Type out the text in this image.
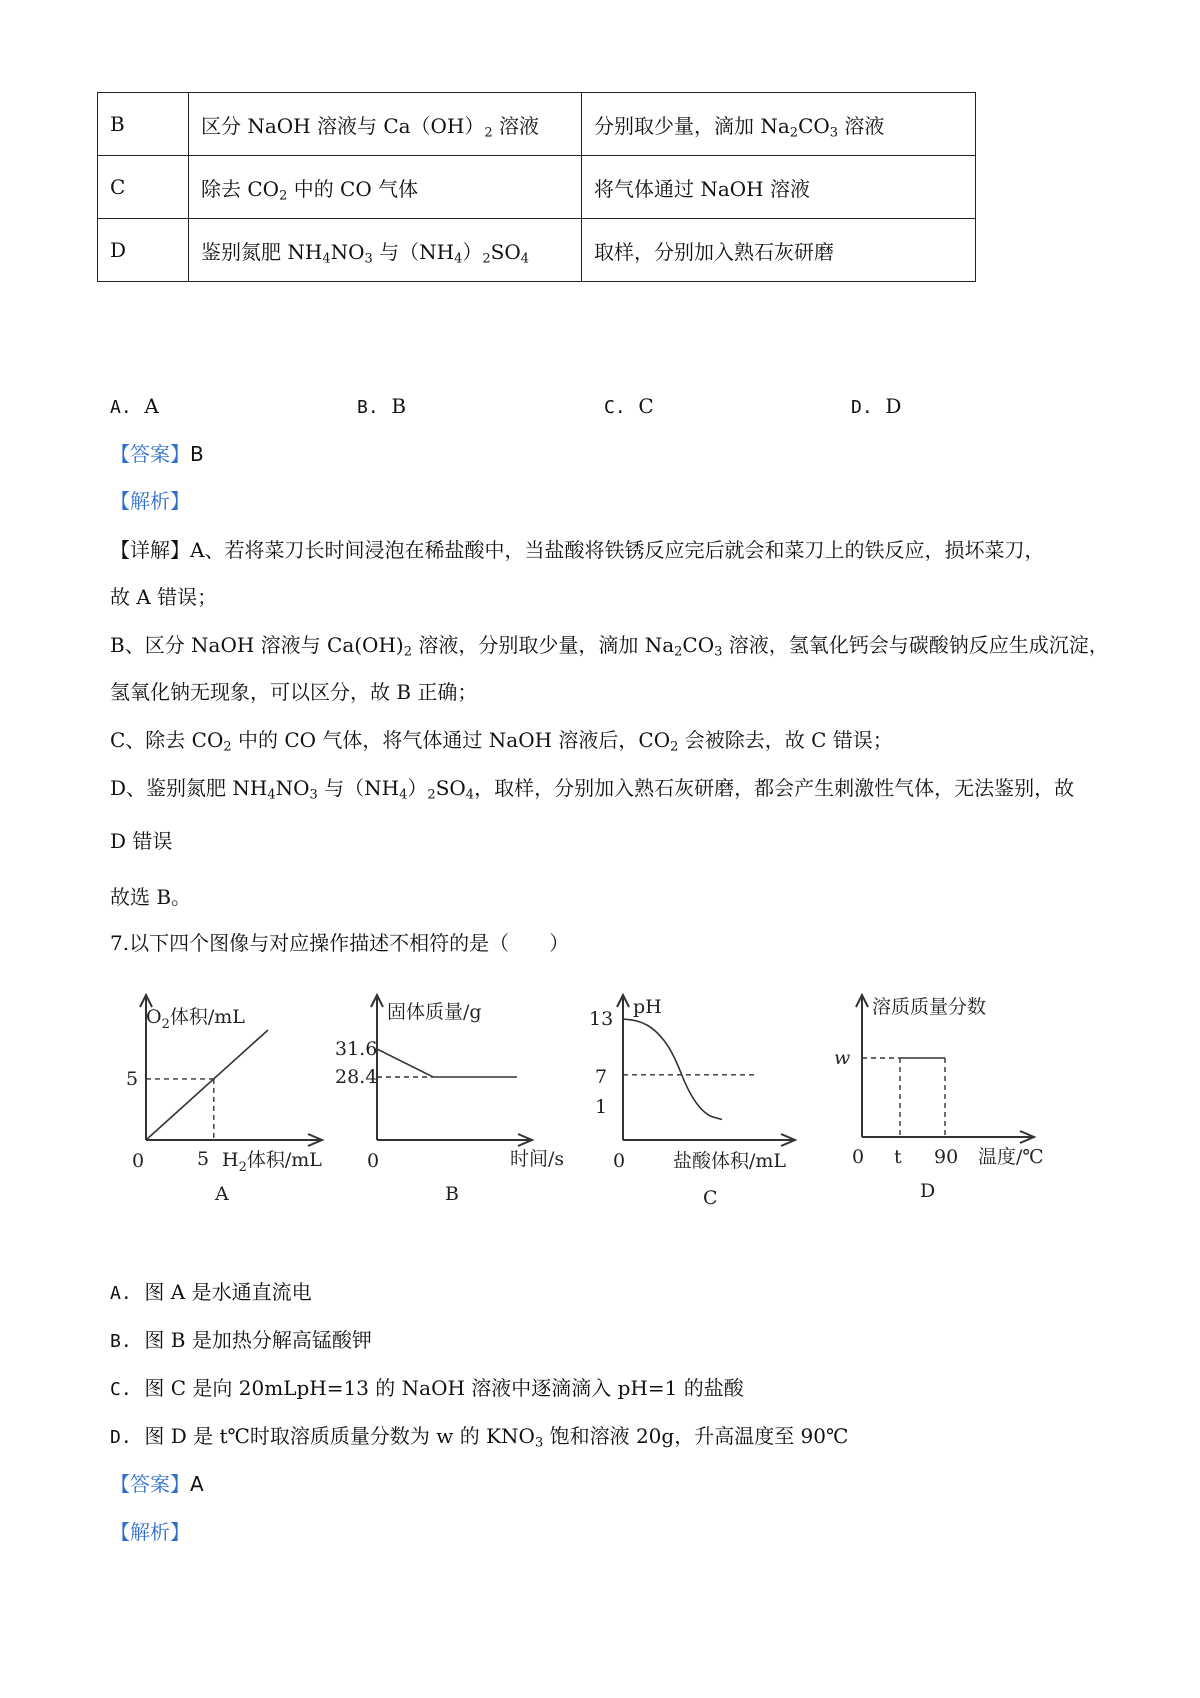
B	区分 NaOH 溶液与 $Ca(OH)_2$ 溶液	分别取少量，滴加 $Na_2CO_3$ 溶液
C	除去 $CO_2$ 中的 CO 气体	将气体通过 NaOH 溶液
D	鉴别氮肥 $NH_4NO_3$ 与$(NH_4)_2SO_4$	取样，分别加入熟石灰研磨
A. A	B. B	C. C	D. D
【答案】B
【解析】
【详解】A、若将菜刀长时间浸泡在稀盐酸中，当盐酸将铁锈反应完后就会和菜刀上的铁反应，损坏菜刀，
故 A 错误；
B、区分 NaOH 溶液与 $Ca(OH)_2$ 溶液，分别取少量，滴加 $Na_2CO_3$ 溶液，氢氧化钙会与碳酸钠反应生成沉淀，
氢氧化钠无现象，可以区分，故 B 正确；
C、除去 $CO_2$ 中的 CO 气体，将气体通过 NaOH 溶液后，$CO_2$ 会被除去，故 C 错误；
D、鉴别氮肥 $NH_4NO_3$ 与$(NH_4)_2SO_4$，取样，分别加入熟石灰研磨，都会产生刺激性气体，无法鉴别，故
D 错误
故选 B。
7.以下四个图像与对应操作描述不相符的是（　　）
$O_2$体积/mL
0
5
5 $H_2$体积/mL
A
固体质量/g
0
31.6
28.4
时间/s
B
pH
0
13
7
1
盐酸体积/mL
C
溶质质量分数
0
w
t 90 温度/℃
D
A. 图 A 是水通直流电
B. 图 B 是加热分解高锰酸钾
C. 图 C 是向 20mLpH=13 的 NaOH 溶液中逐滴滴入 pH=1 的盐酸
D. 图 D 是 t℃时取溶质质量分数为 w 的 $KNO_3$ 饱和溶液 20g，升高温度至 90℃
【答案】A
【解析】
